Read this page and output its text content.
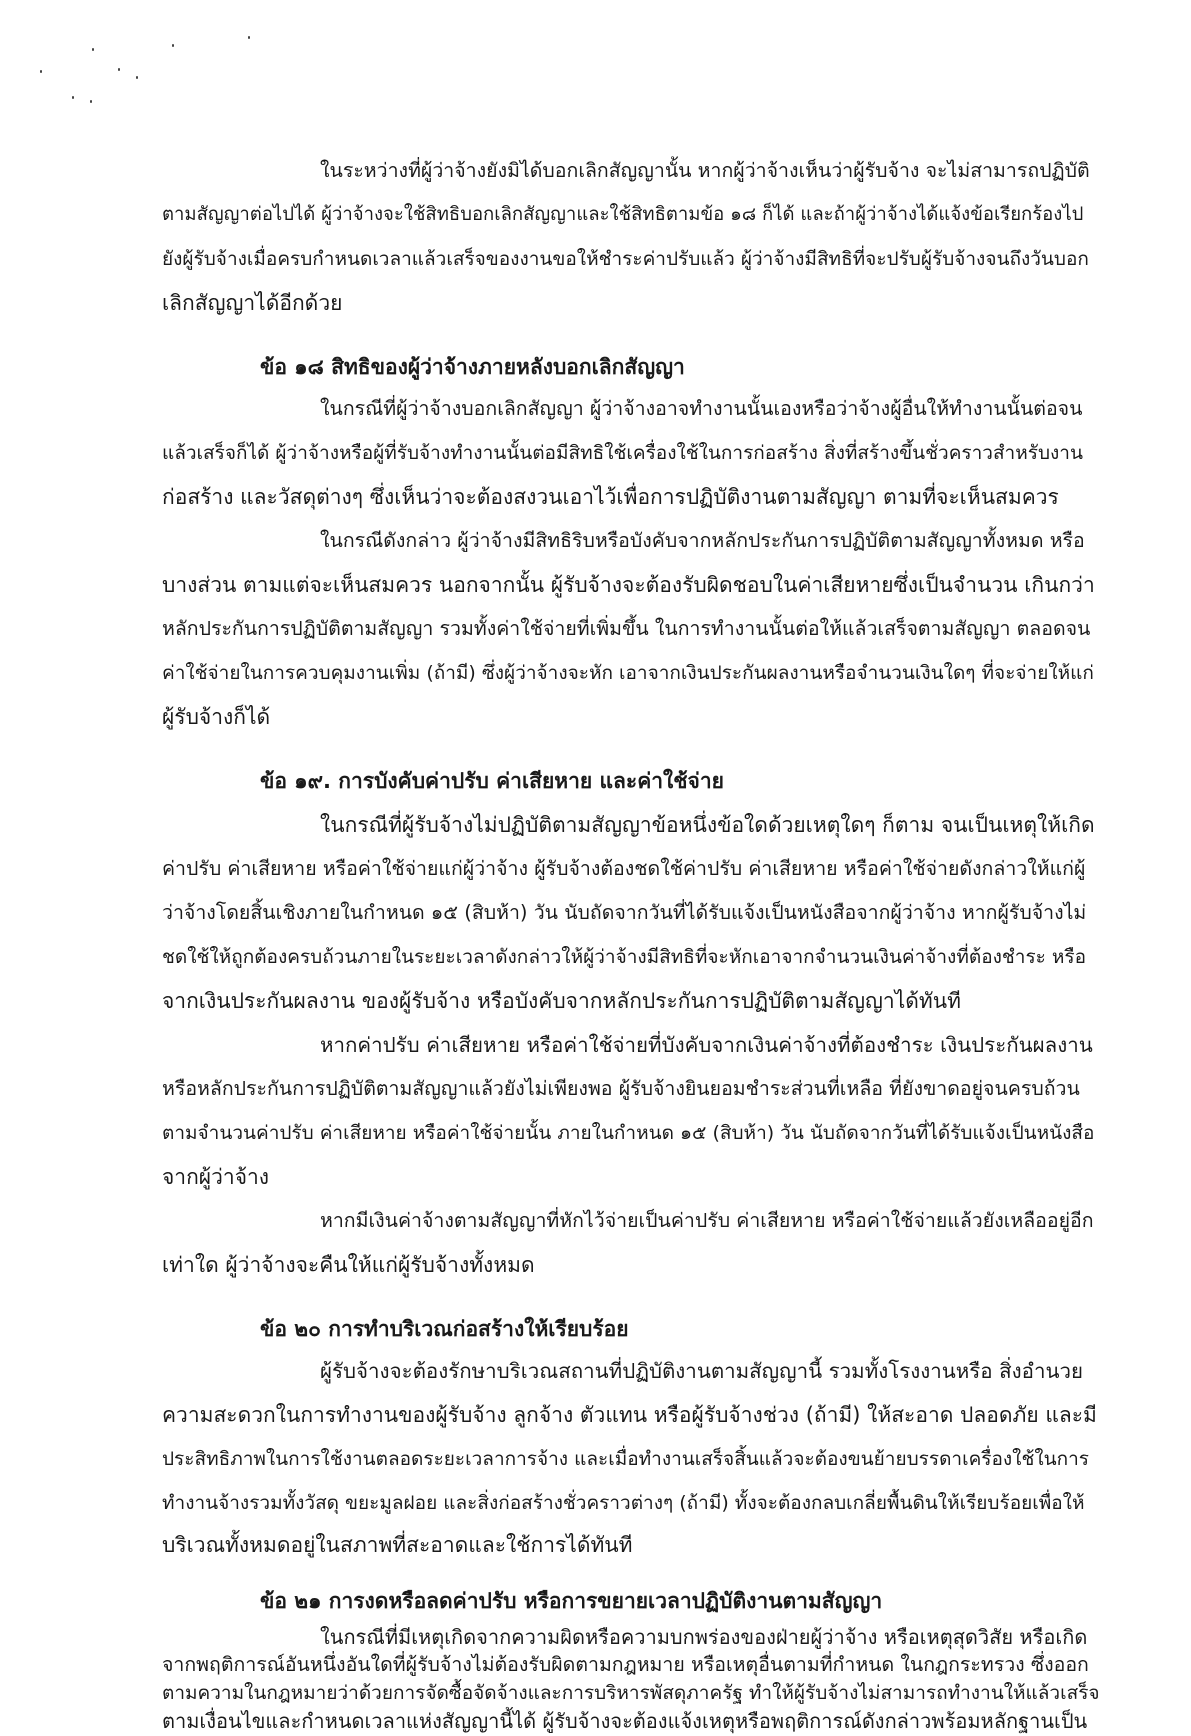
ในระหว่างที่ผู้ว่าจ้างยังมิได้บอกเลิกสัญญานั้น หากผู้ว่าจ้างเห็นว่าผู้รับจ้าง จะไม่สามารถปฏิบัติ
ตามสัญญาต่อไปได้ ผู้ว่าจ้างจะใช้สิทธิบอกเลิกสัญญาและใช้สิทธิตามข้อ ๑๘ ก็ได้ และถ้าผู้ว่าจ้างได้แจ้งข้อเรียกร้องไป
ยังผู้รับจ้างเมื่อครบกำหนดเวลาแล้วเสร็จของงานขอให้ชำระค่าปรับแล้ว ผู้ว่าจ้างมีสิทธิที่จะปรับผู้รับจ้างจนถึงวันบอก
เลิกสัญญาได้อีกด้วย
ข้อ ๑๘ สิทธิของผู้ว่าจ้างภายหลังบอกเลิกสัญญา
ในกรณีที่ผู้ว่าจ้างบอกเลิกสัญญา ผู้ว่าจ้างอาจทำงานนั้นเองหรือว่าจ้างผู้อื่นให้ทำงานนั้นต่อจน
แล้วเสร็จก็ได้ ผู้ว่าจ้างหรือผู้ที่รับจ้างทำงานนั้นต่อมีสิทธิใช้เครื่องใช้ในการก่อสร้าง สิ่งที่สร้างขึ้นชั่วคราวสำหรับงาน
ก่อสร้าง และวัสดุต่างๆ ซึ่งเห็นว่าจะต้องสงวนเอาไว้เพื่อการปฏิบัติงานตามสัญญา ตามที่จะเห็นสมควร
ในกรณีดังกล่าว ผู้ว่าจ้างมีสิทธิริบหรือบังคับจากหลักประกันการปฏิบัติตามสัญญาทั้งหมด หรือ
บางส่วน ตามแต่จะเห็นสมควร นอกจากนั้น ผู้รับจ้างจะต้องรับผิดชอบในค่าเสียหายซึ่งเป็นจำนวน เกินกว่า
หลักประกันการปฏิบัติตามสัญญา รวมทั้งค่าใช้จ่ายที่เพิ่มขึ้น ในการทำงานนั้นต่อให้แล้วเสร็จตามสัญญา ตลอดจน
ค่าใช้จ่ายในการควบคุมงานเพิ่ม (ถ้ามี) ซึ่งผู้ว่าจ้างจะหัก เอาจากเงินประกันผลงานหรือจำนวนเงินใดๆ ที่จะจ่ายให้แก่
ผู้รับจ้างก็ได้
ข้อ ๑๙. การบังคับค่าปรับ ค่าเสียหาย และค่าใช้จ่าย
ในกรณีที่ผู้รับจ้างไม่ปฏิบัติตามสัญญาข้อหนึ่งข้อใดด้วยเหตุใดๆ ก็ตาม จนเป็นเหตุให้เกิด
ค่าปรับ ค่าเสียหาย หรือค่าใช้จ่ายแก่ผู้ว่าจ้าง ผู้รับจ้างต้องชดใช้ค่าปรับ ค่าเสียหาย หรือค่าใช้จ่ายดังกล่าวให้แก่ผู้
ว่าจ้างโดยสิ้นเชิงภายในกำหนด ๑๕ (สิบห้า) วัน นับถัดจากวันที่ได้รับแจ้งเป็นหนังสือจากผู้ว่าจ้าง หากผู้รับจ้างไม่
ชดใช้ให้ถูกต้องครบถ้วนภายในระยะเวลาดังกล่าวให้ผู้ว่าจ้างมีสิทธิที่จะหักเอาจากจำนวนเงินค่าจ้างที่ต้องชำระ หรือ
จากเงินประกันผลงาน ของผู้รับจ้าง หรือบังคับจากหลักประกันการปฏิบัติตามสัญญาได้ทันที
หากค่าปรับ ค่าเสียหาย หรือค่าใช้จ่ายที่บังคับจากเงินค่าจ้างที่ต้องชำระ เงินประกันผลงาน
หรือหลักประกันการปฏิบัติตามสัญญาแล้วยังไม่เพียงพอ ผู้รับจ้างยินยอมชำระส่วนที่เหลือ ที่ยังขาดอยู่จนครบถ้วน
ตามจำนวนค่าปรับ ค่าเสียหาย หรือค่าใช้จ่ายนั้น ภายในกำหนด ๑๕ (สิบห้า) วัน นับถัดจากวันที่ได้รับแจ้งเป็นหนังสือ
จากผู้ว่าจ้าง
หากมีเงินค่าจ้างตามสัญญาที่หักไว้จ่ายเป็นค่าปรับ ค่าเสียหาย หรือค่าใช้จ่ายแล้วยังเหลืออยู่อีก
เท่าใด ผู้ว่าจ้างจะคืนให้แก่ผู้รับจ้างทั้งหมด
ข้อ ๒๐ การทำบริเวณก่อสร้างให้เรียบร้อย
ผู้รับจ้างจะต้องรักษาบริเวณสถานที่ปฏิบัติงานตามสัญญานี้ รวมทั้งโรงงานหรือ สิ่งอำนวย
ความสะดวกในการทำงานของผู้รับจ้าง ลูกจ้าง ตัวแทน หรือผู้รับจ้างช่วง (ถ้ามี) ให้สะอาด ปลอดภัย และมี
ประสิทธิภาพในการใช้งานตลอดระยะเวลาการจ้าง และเมื่อทำงานเสร็จสิ้นแล้วจะต้องขนย้ายบรรดาเครื่องใช้ในการ
ทำงานจ้างรวมทั้งวัสดุ ขยะมูลฝอย และสิ่งก่อสร้างชั่วคราวต่างๆ (ถ้ามี) ทั้งจะต้องกลบเกลี่ยพื้นดินให้เรียบร้อยเพื่อให้
บริเวณทั้งหมดอยู่ในสภาพที่สะอาดและใช้การได้ทันที
ข้อ ๒๑ การงดหรือลดค่าปรับ หรือการขยายเวลาปฏิบัติงานตามสัญญา
ในกรณีที่มีเหตุเกิดจากความผิดหรือความบกพร่องของฝ่ายผู้ว่าจ้าง หรือเหตุสุดวิสัย หรือเกิด
จากพฤติการณ์อันหนึ่งอันใดที่ผู้รับจ้างไม่ต้องรับผิดตามกฎหมาย หรือเหตุอื่นตามที่กำหนด ในกฎกระทรวง ซึ่งออก
ตามความในกฎหมายว่าด้วยการจัดซื้อจัดจ้างและการบริหารพัสดุภาครัฐ ทำให้ผู้รับจ้างไม่สามารถทำงานให้แล้วเสร็จ
ตามเงื่อนไขและกำหนดเวลาแห่งสัญญานี้ได้ ผู้รับจ้างจะต้องแจ้งเหตุหรือพฤติการณ์ดังกล่าวพร้อมหลักฐานเป็น
